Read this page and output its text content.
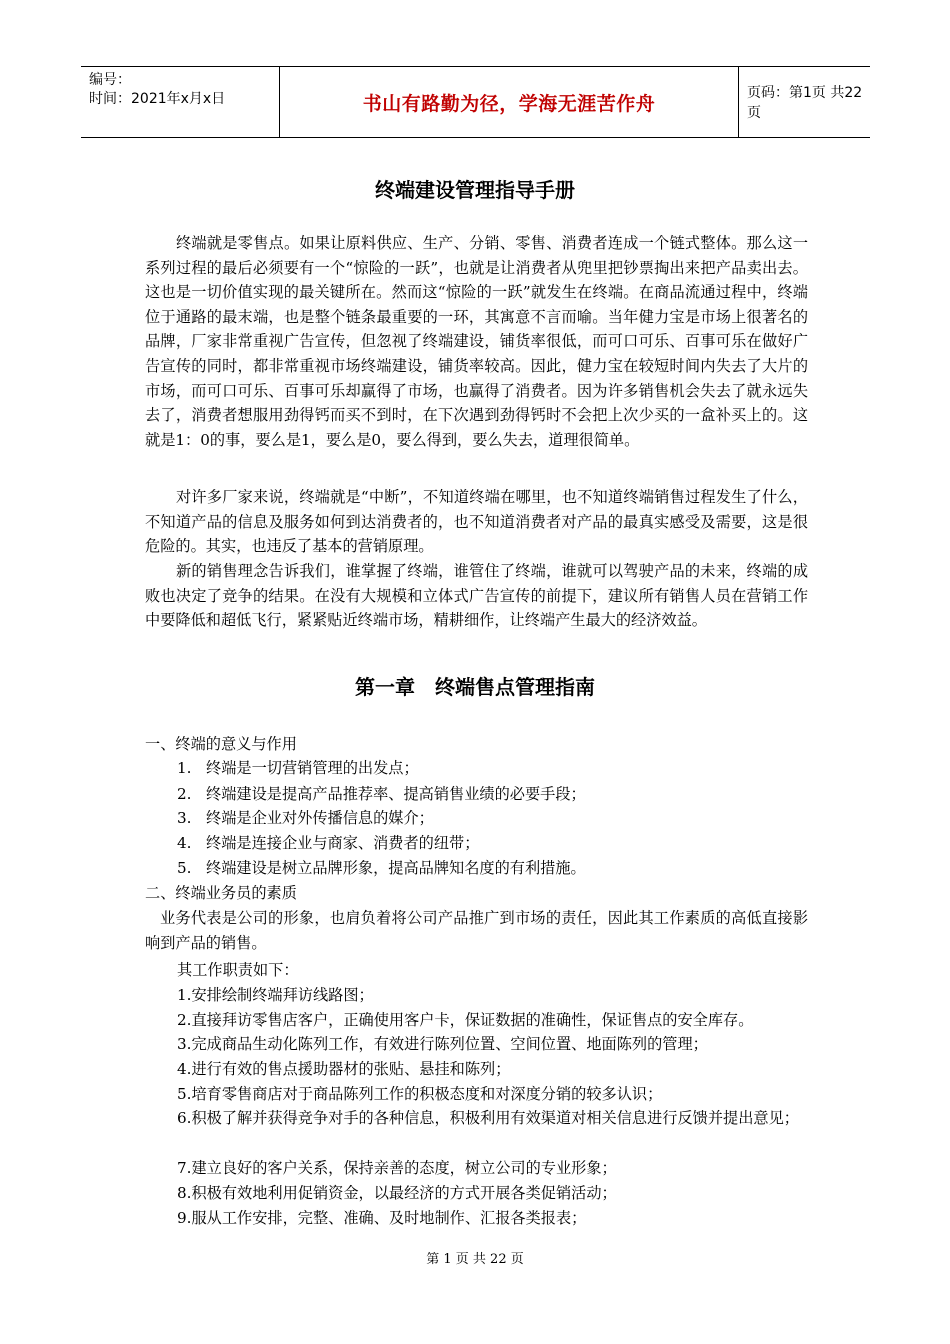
编号：
时间：2021年x月x日	书山有路勤为径，学海无涯苦作舟	页码：第1页 共22页
终端建设管理指导手册

终端就是零售点。如果让原料供应、生产、分销、零售、消费者连成一个链式整体。那么这一系列过程的最后必须要有一个“惊险的一跃”，也就是让消费者从兜里把钞票掏出来把产品卖出去。这也是一切价值实现的最关键所在。然而这“惊险的一跃”就发生在终端。在商品流通过程中，终端位于通路的最末端，也是整个链条最重要的一环，其寓意不言而喻。当年健力宝是市场上很著名的品牌，厂家非常重视广告宣传，但忽视了终端建设，铺货率很低，而可口可乐、百事可乐在做好广告宣传的同时，都非常重视市场终端建设，铺货率较高。因此，健力宝在较短时间内失去了大片的市场，而可口可乐、百事可乐却赢得了市场，也赢得了消费者。因为许多销售机会失去了就永远失去了，消费者想服用劲得钙而买不到时，在下次遇到劲得钙时不会把上次少买的一盒补买上的。这就是1：0的事，要么是1，要么是0，要么得到，要么失去，道理很简单。

对许多厂家来说，终端就是“中断”，不知道终端在哪里，也不知道终端销售过程发生了什么，不知道产品的信息及服务如何到达消费者的，也不知道消费者对产品的最真实感受及需要，这是很危险的。其实，也违反了基本的营销原理。

新的销售理念告诉我们，谁掌握了终端，谁管住了终端，谁就可以驾驶产品的未来，终端的成败也决定了竞争的结果。在没有大规模和立体式广告宣传的前提下，建议所有销售人员在营销工作中要降低和超低飞行，紧紧贴近终端市场，精耕细作，让终端产生最大的经济效益。

第一章　终端售点管理指南

一、终端的意义与作用

1. 终端是一切营销管理的出发点；

2. 终端建设是提高产品推荐率、提高销售业绩的必要手段；

3. 终端是企业对外传播信息的媒介；

4. 终端是连接企业与商家、消费者的纽带；

5. 终端建设是树立品牌形象，提高品牌知名度的有利措施。

二、终端业务员的素质

业务代表是公司的形象，也肩负着将公司产品推广到市场的责任，因此其工作素质的高低直接影响到产品的销售。

其工作职责如下：

1.安排绘制终端拜访线路图；

2.直接拜访零售店客户，正确使用客户卡，保证数据的准确性，保证售点的安全库存。

3.完成商品生动化陈列工作，有效进行陈列位置、空间位置、地面陈列的管理；

4.进行有效的售点援助器材的张贴、悬挂和陈列；

5.培育零售商店对于商品陈列工作的积极态度和对深度分销的较多认识；

6.积极了解并获得竞争对手的各种信息，积极利用有效渠道对相关信息进行反馈并提出意见；

7.建立良好的客户关系，保持亲善的态度，树立公司的专业形象；

8.积极有效地利用促销资金，以最经济的方式开展各类促销活动；

9.服从工作安排，完整、准确、及时地制作、汇报各类报表；

第 1 页 共 22 页
